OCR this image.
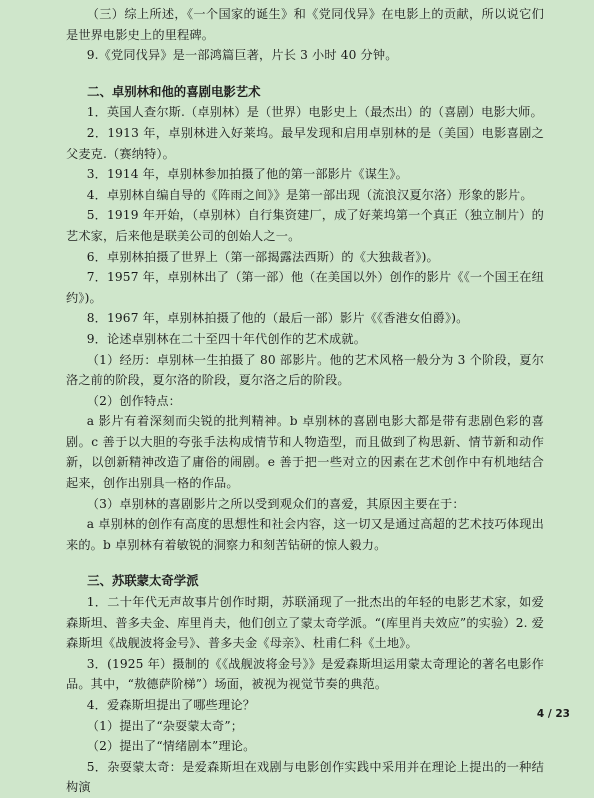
（三）综上所述，《一个国家的诞生》和《党同伐异》在电影上的贡献，所以说它们是世界电影史上的里程碑。

9.《党同伐异》是一部鸿篇巨著，片长 3 小时 40 分钟。

二、卓别林和他的喜剧电影艺术

1．英国人查尔斯.（卓别林）是（世界）电影史上（最杰出）的（喜剧）电影大师。

2．1913 年，卓别林进入好莱坞。最早发现和启用卓别林的是（美国）电影喜剧之父麦克.（赛纳特）。

3．1914 年，卓别林参加拍摄了他的第一部影片《谋生》。

4．卓别林自编自导的《阵雨之间》》是第一部出现（流浪汉夏尔洛）形象的影片。

5．1919 年开始，（卓别林）自行集资建厂，成了好莱坞第一个真正（独立制片）的艺术家，后来他是联美公司的创始人之一。

6．卓别林拍摄了世界上（第一部揭露法西斯）的《大独裁者》)。

7．1957 年，卓别林出了（第一部）他（在美国以外）创作的影片《《一个国王在纽约》)。

8．1967 年，卓别林拍摄了他的（最后一部）影片《《香港女伯爵》)。

9．论述卓别林在二十至四十年代创作的艺术成就。

（1）经历：卓别林一生拍摄了 80 部影片。他的艺术风格一般分为 3 个阶段，夏尔洛之前的阶段，夏尔洛的阶段，夏尔洛之后的阶段。

（2）创作特点：

a 影片有着深刻而尖锐的批判精神。b 卓别林的喜剧电影大都是带有悲剧色彩的喜剧。c 善于以大胆的夸张手法构成情节和人物造型，而且做到了构思新、情节新和动作新，以创新精神改造了庸俗的闹剧。e 善于把一些对立的因素在艺术创作中有机地结合起来，创作出别具一格的作品。

（3）卓别林的喜剧影片之所以受到观众们的喜爱，其原因主要在于：

a 卓别林的创作有高度的思想性和社会内容，这一切又是通过高超的艺术技巧体现出来的。b 卓别林有着敏锐的洞察力和刻苦钻研的惊人毅力。

三、苏联蒙太奇学派

1．二十年代无声故事片创作时期，苏联涌现了一批杰出的年轻的电影艺术家，如爱森斯坦、普多夫金、库里肖夫，他们创立了蒙太奇学派。“(库里肖夫效应”的实验）2. 爱森斯坦《战舰波将金号》、普多夫金《母亲》、杜甫仁科《土地》。

3．(1925 年）摄制的《《战舰波将金号》》是爱森斯坦运用蒙太奇理论的著名电影作品。其中，“敖德萨阶梯”）场面，被视为视觉节奏的典范。

4．爱森斯坦提出了哪些理论？

（1）提出了“杂耍蒙太奇”；

（2）提出了“情绪剧本”理论。

5．杂耍蒙太奇：是爱森斯坦在戏剧与电影创作实践中采用并在理论上提出的一种结构演

4 / 23
